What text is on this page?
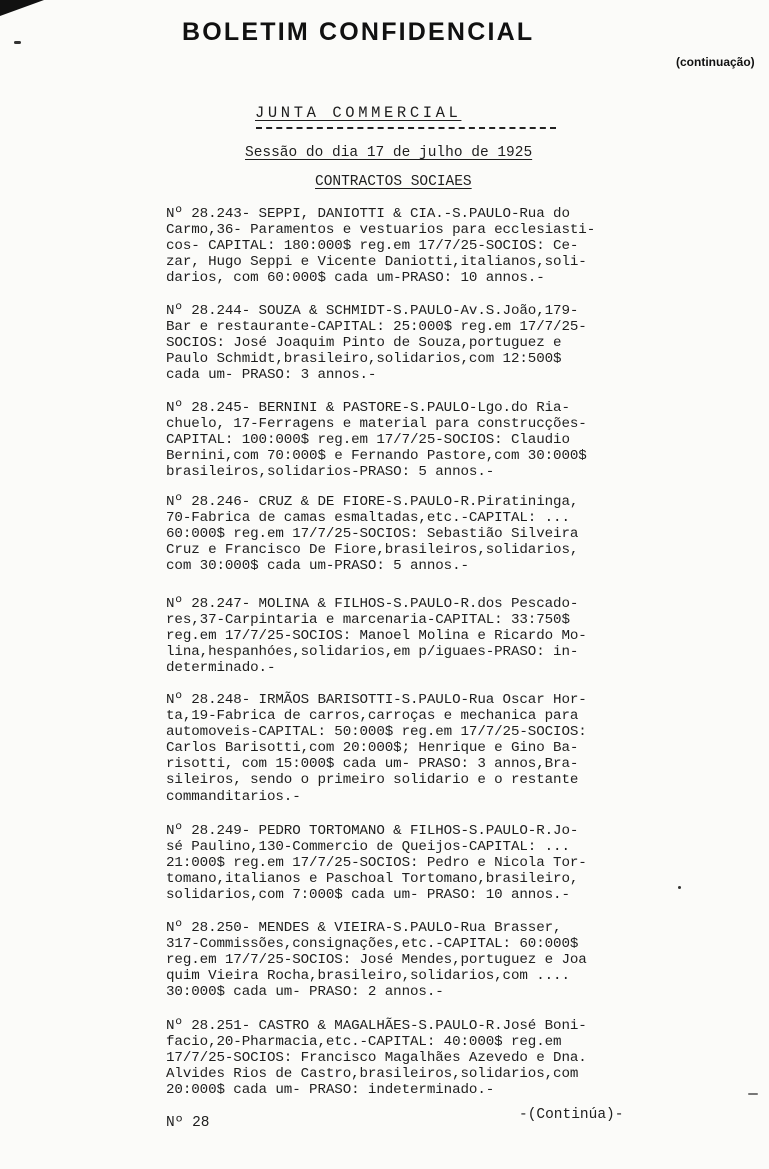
BOLETIM CONFIDENCIAL
(continuação)
JUNTA COMMERCIAL
Sessão do dia 17 de julho de 1925
CONTRACTOS SOCIAES
Nº 28.243- SEPPI, DANIOTTI & CIA.-S.PAULO-Rua do
Carmo,36- Paramentos e vestuarios para ecclesiasti-
cos- CAPITAL: 180:000$ reg.em 17/7/25-SOCIOS: Ce-
zar, Hugo Seppi e Vicente Daniotti,italianos,soli-
darios, com 60:000$ cada um-PRASO: 10 annos.-
Nº 28.244- SOUZA & SCHMIDT-S.PAULO-Av.S.João,179-
Bar e restaurante-CAPITAL: 25:000$ reg.em 17/7/25-
SOCIOS: José Joaquim Pinto de Souza,portuguez e
Paulo Schmidt,brasileiro,solidarios,com 12:500$
cada um- PRASO: 3 annos.-
Nº 28.245- BERNINI & PASTORE-S.PAULO-Lgo.do Ria-
chuelo, 17-Ferragens e material para construcções-
CAPITAL: 100:000$ reg.em 17/7/25-SOCIOS: Claudio
Bernini,com 70:000$ e Fernando Pastore,com 30:000$
brasileiros,solidarios-PRASO: 5 annos.-
Nº 28.246- CRUZ & DE FIORE-S.PAULO-R.Piratininga,
70-Fabrica de camas esmaltadas,etc.-CAPITAL: ...
60:000$ reg.em 17/7/25-SOCIOS: Sebastião Silveira
Cruz e Francisco De Fiore,brasileiros,solidarios,
com 30:000$ cada um-PRASO: 5 annos.-
Nº 28.247- MOLINA & FILHOS-S.PAULO-R.dos Pescado-
res,37-Carpintaria e marcenaria-CAPITAL: 33:750$
reg.em 17/7/25-SOCIOS: Manoel Molina e Ricardo Mo-
lina,hespanhóes,solidarios,em p/iguaes-PRASO: in-
determinado.-
Nº 28.248- IRMÃOS BARISOTTI-S.PAULO-Rua Oscar Hor-
ta,19-Fabrica de carros,carroças e mechanica para
automoveis-CAPITAL: 50:000$ reg.em 17/7/25-SOCIOS:
Carlos Barisotti,com 20:000$; Henrique e Gino Ba-
risotti, com 15:000$ cada um- PRASO: 3 annos,Bra-
sileiros, sendo o primeiro solidario e o restante
commanditarios.-
Nº 28.249- PEDRO TORTOMANO & FILHOS-S.PAULO-R.Jo-
sé Paulino,130-Commercio de Queijos-CAPITAL: ...
21:000$ reg.em 17/7/25-SOCIOS: Pedro e Nicola Tor-
tomano,italianos e Paschoal Tortomano,brasileiro,
solidarios,com 7:000$ cada um- PRASO: 10 annos.-
Nº 28.250- MENDES & VIEIRA-S.PAULO-Rua Brasser,
317-Commissões,consignações,etc.-CAPITAL: 60:000$
reg.em 17/7/25-SOCIOS: José Mendes,portuguez e Joa
quim Vieira Rocha,brasileiro,solidarios,com ....
30:000$ cada um- PRASO: 2 annos.-
Nº 28.251- CASTRO & MAGALHÃES-S.PAULO-R.José Boni-
facio,20-Pharmacia,etc.-CAPITAL: 40:000$ reg.em
17/7/25-SOCIOS: Francisco Magalhães Azevedo e Dna.
Alvides Rios de Castro,brasileiros,solidarios,com
20:000$ cada um- PRASO: indeterminado.-
-(Continúa)-
Nº 28
